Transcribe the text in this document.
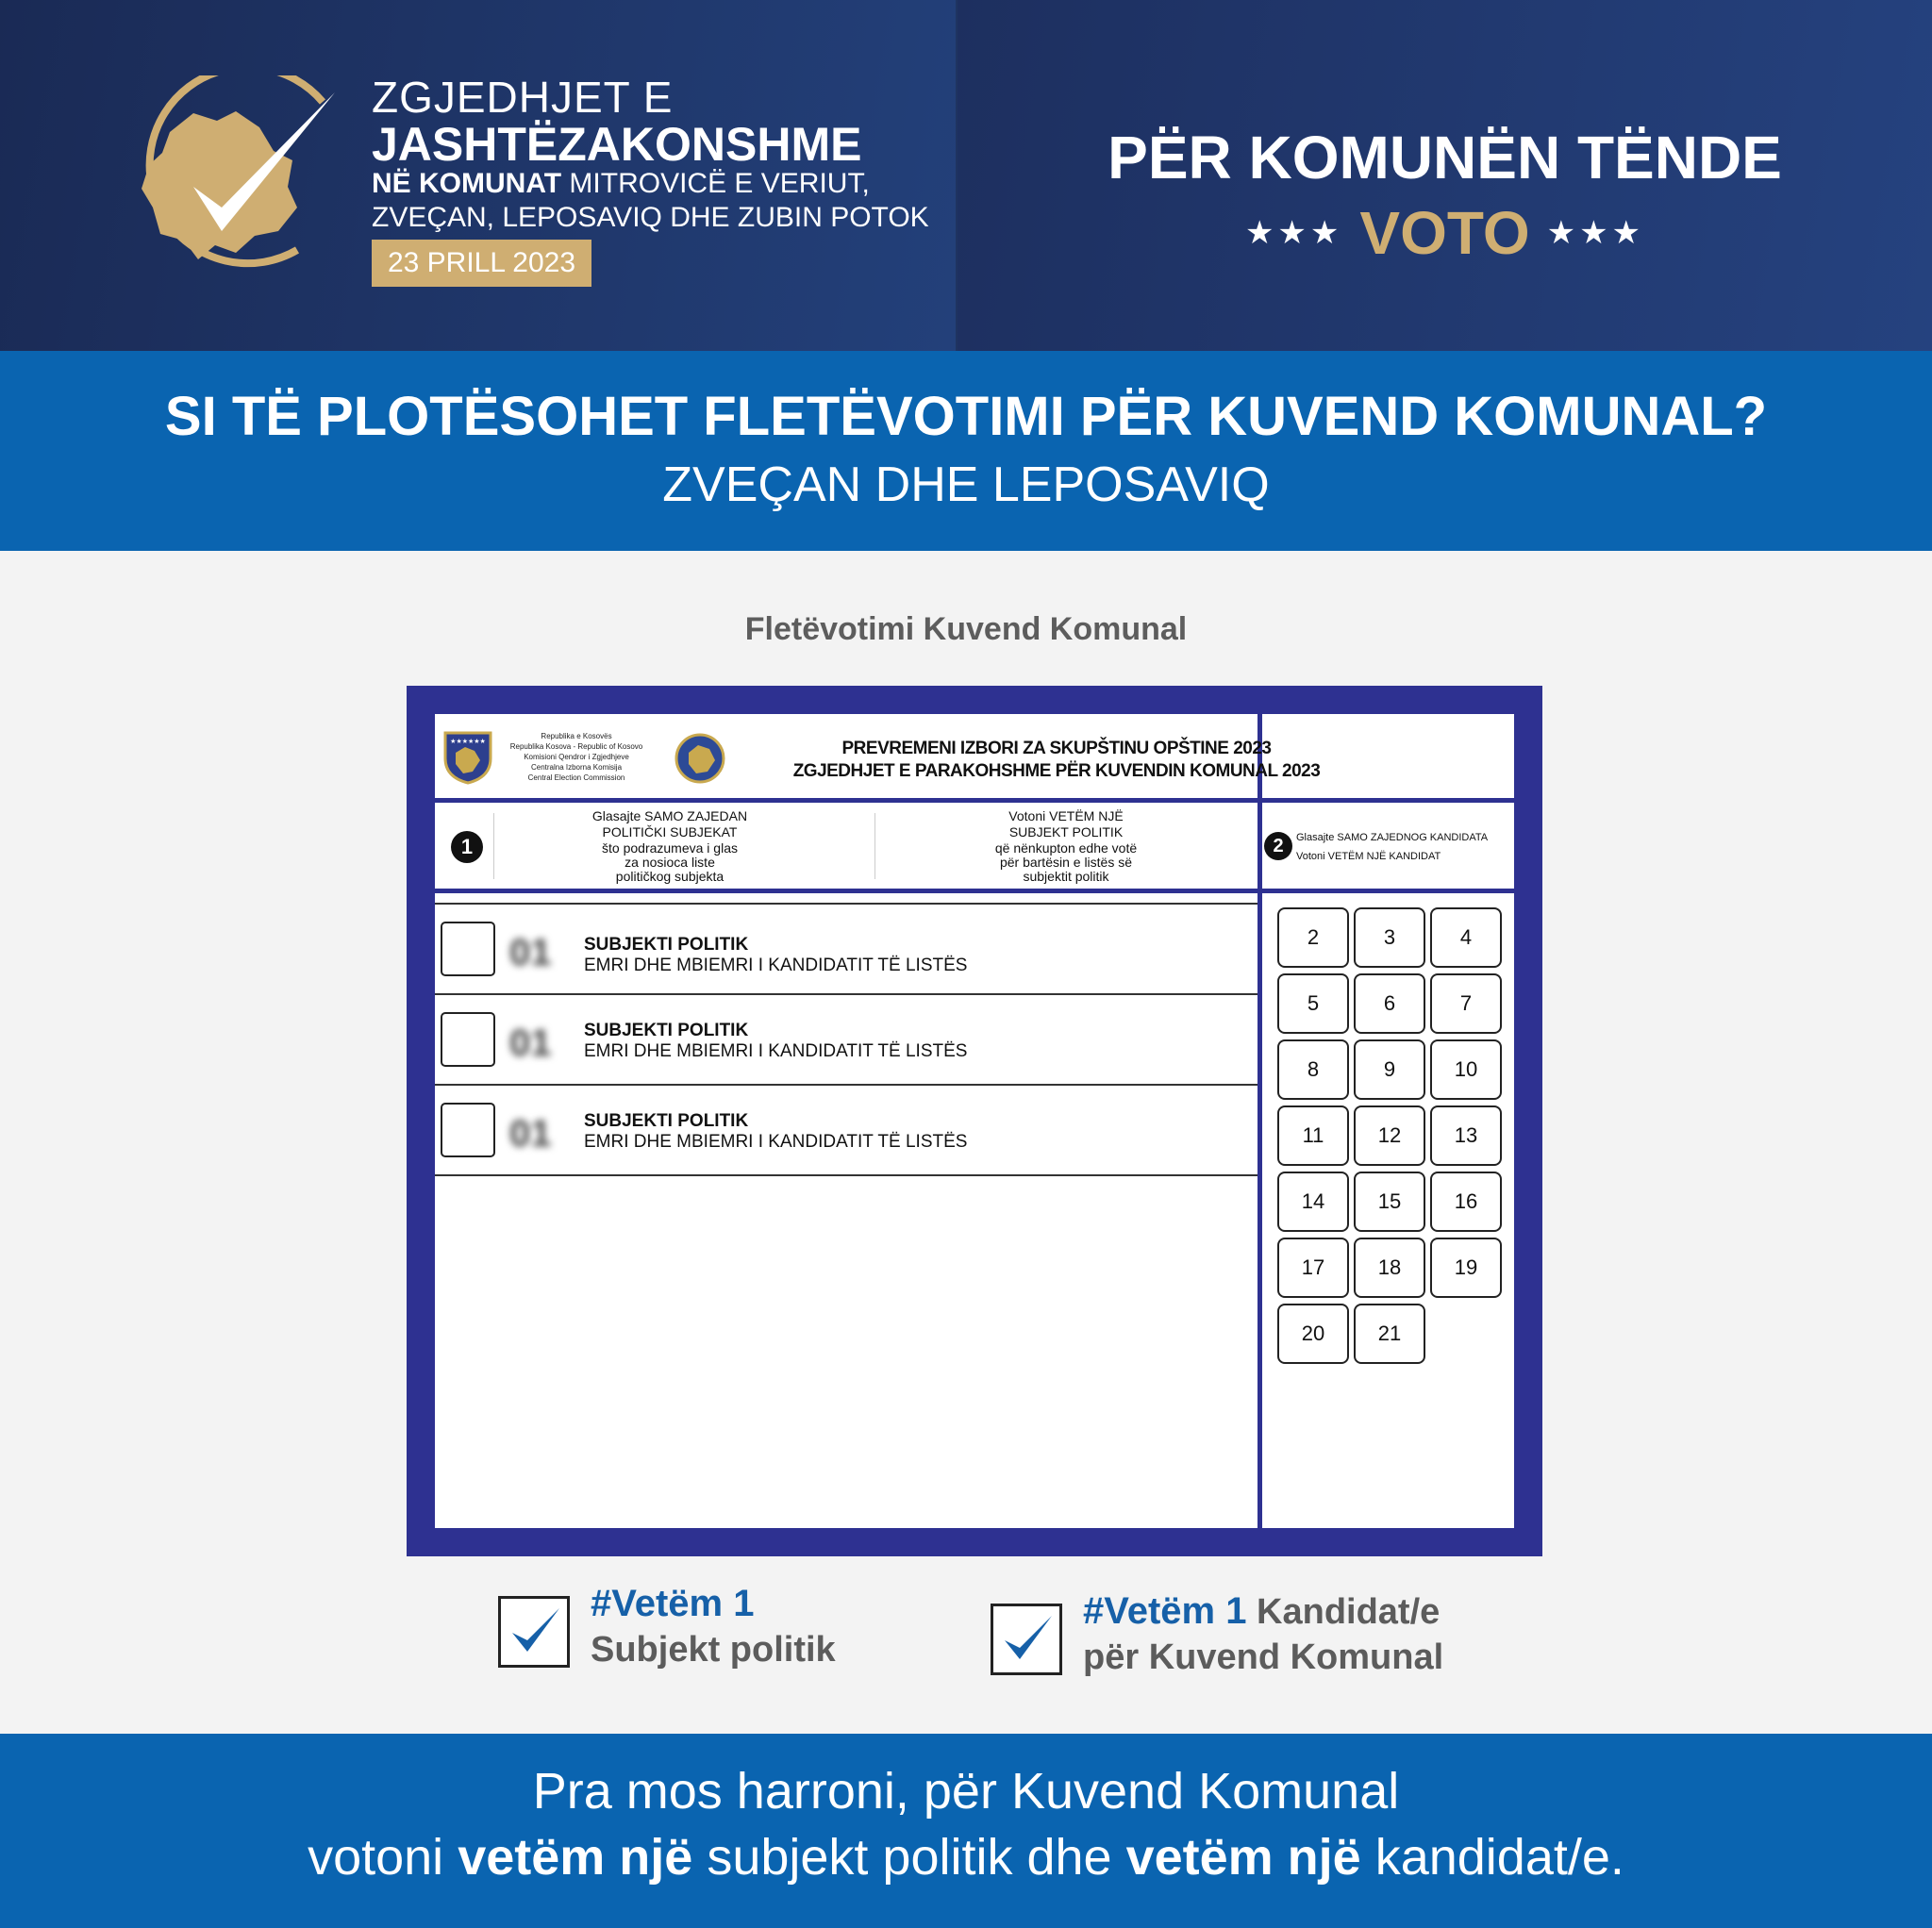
ZGJEDHJET E
JASHTËZAKONSHME
NË KOMUNAT MITROVICË E VERIUT,
ZVEÇAN, LEPOSAVIQ DHE ZUBIN POTOK
23 PRILL 2023
PËR KOMUNËN TËNDE
★★★ VOTO ★★★
SI TË PLOTËSOHET FLETËVOTIMI PËR KUVEND KOMUNAL?
ZVEÇAN DHE LEPOSAVIQ
Fletëvotimi Kuvend Komunal
★★★★★★
Republika e Kosovës
Republika Kosova - Republic of Kosovo
Komisioni Qendror i Zgjedhjeve
Centralna Izborna Komisija
Central Election Commission
PREVREMENI IZBORI ZA SKUPŠTINU OPŠTINE 2023
ZGJEDHJET E PARAKOHSHME PËR KUVENDIN KOMUNAL 2023
1
Glasajte SAMO ZAJEDAN
POLITIČKI SUBJEKAT
što podrazumeva i glas
za nosioca liste
političkog subjekta
Votoni VETËM NJË
SUBJEKT POLITIK
që nënkupton edhe votë
për bartësin e listës së
subjektit politik
2	Glasajte SAMO ZAJEDNOG KANDIDATA
Votoni VETËM NJË KANDIDAT
01 SUBJEKTI POLITIK
EMRI DHE MBIEMRI I KANDIDATIT TË LISTËS
01 SUBJEKTI POLITIK
EMRI DHE MBIEMRI I KANDIDATIT TË LISTËS
01 SUBJEKTI POLITIK
EMRI DHE MBIEMRI I KANDIDATIT TË LISTËS
2	3	4
5	6	7
8	9	10
11	12	13
14	15	16
17	18	19
20	21
#Vetëm 1
Subjekt politik
#Vetëm 1 Kandidat/e
për Kuvend Komunal
Pra mos harroni, për Kuvend Komunal
votoni vetëm një subjekt politik dhe vetëm një kandidat/e.
